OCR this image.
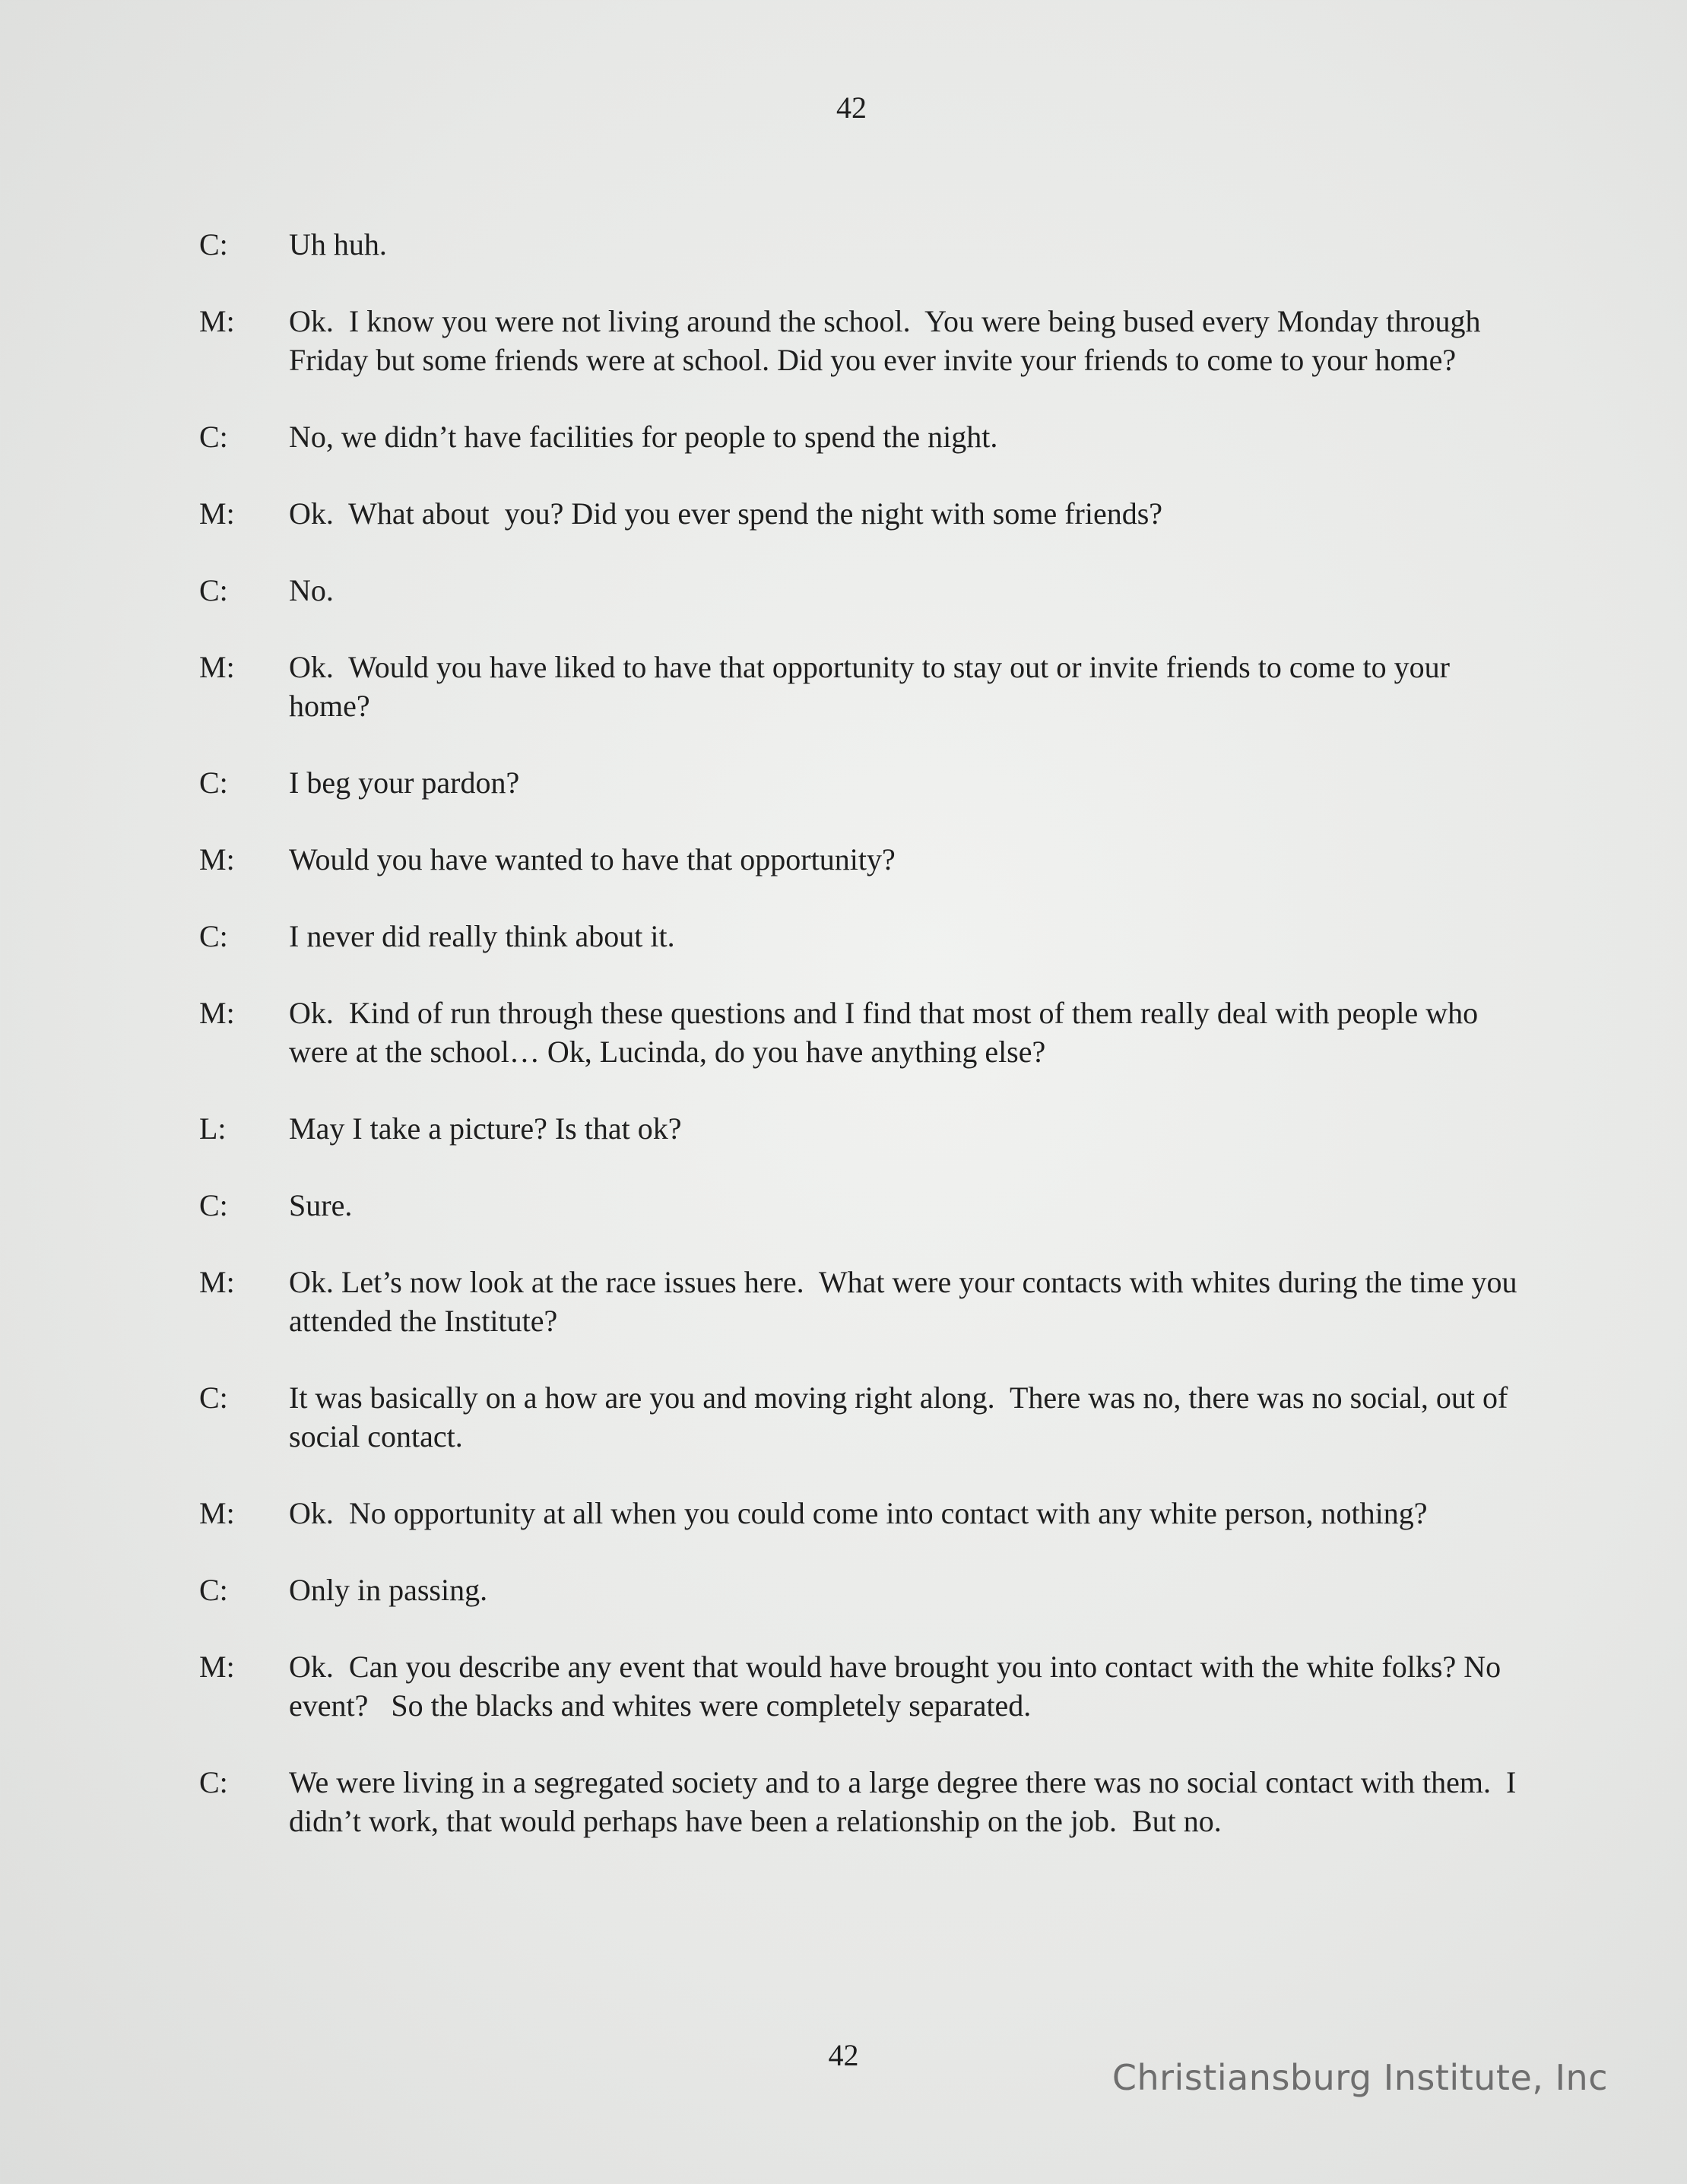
42
C:	Uh huh.
M:	Ok.  I know you were not living around the school.  You were being bused every Monday through Friday but some friends were at school. Did you ever invite your friends to come to your home?
C:	No, we didn’t have facilities for people to spend the night.
M:	Ok.  What about  you? Did you ever spend the night with some friends?
C:	No.
M:	Ok.  Would you have liked to have that opportunity to stay out or invite friends to come to your home?
C:	I beg your pardon?
M:	Would you have wanted to have that opportunity?
C:	I never did really think about it.
M:	Ok.  Kind of run through these questions and I find that most of them really deal with people who were at the school… Ok, Lucinda, do you have anything else?
L:	May I take a picture? Is that ok?
C:	Sure.
M:	Ok. Let’s now look at the race issues here.  What were your contacts with whites during the time you attended the Institute?
C:	It was basically on a how are you and moving right along.  There was no, there was no social, out of social contact.
M:	Ok.  No opportunity at all when you could come into contact with any white person, nothing?
C:	Only in passing.
M:	Ok.  Can you describe any event that would have brought you into contact with the white folks? No event?   So the blacks and whites were completely separated.
C:	We were living in a segregated society and to a large degree there was no social contact with them.  I didn’t work, that would perhaps have been a relationship on the job.  But no.
42
Christiansburg Institute, Inc
